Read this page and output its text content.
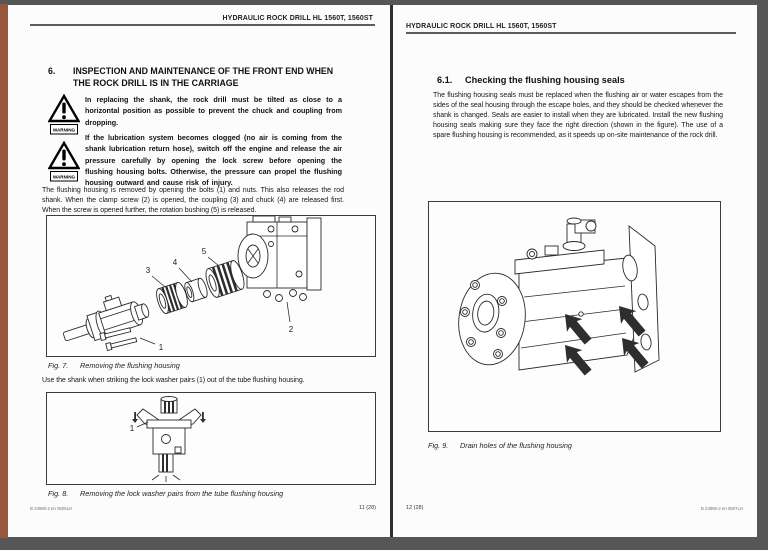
HYDRAULIC ROCK DRILL HL 1560T, 1560ST
6.	INSPECTION AND MAINTENANCE OF THE FRONT END WHEN THE ROCK DRILL IS IN THE CARRIAGE
WARNING
In replacing the shank, the rock drill must be tilted as close to a horizontal position as possible to prevent the chuck and coupling from dropping.
WARNING
If the lubrication system becomes clogged (no air is coming from the shank lubrication return hose), switch off the engine and release the air pressure carefully by opening the lock screw before opening the flushing housing bolts. Otherwise, the pressure can propel the flushing housing outward and cause risk of injury.
The flushing housing is removed by opening the bolts (1) and nuts. This also releases the rod shank. When the clamp screw (2) is opened, the coupling (3) and chuck (4) are released first. When the screw is opened further, the rotation bushing (5) is released.
3
4
5
1
2
Fig. 7. Removing the flushing housing
Use the shank when striking the lock washer pairs (1) out of the tube flushing housing.
1
Fig. 8. Removing the lock washer pairs from the tube flushing housing
B 23980-2 en 0505LH	11 (28)
HYDRAULIC ROCK DRILL HL 1560T, 1560ST
6.1.	Checking the flushing housing seals
The flushing housing seals must be replaced when the flushing air or water escapes from the sides of the seal housing through the escape holes, and they should be checked whenever the shank is changed. Seals are easier to install when they are lubricated. Install the new flushing housing seals making sure they face the right direction (shown in the figure). The use of a spare flushing housing is recommended, as it speeds up on-site maintenance of the rock drill.
Fig. 9. Drain holes of the flushing housing
12 (28)	B 23980-2 en 0507LH
